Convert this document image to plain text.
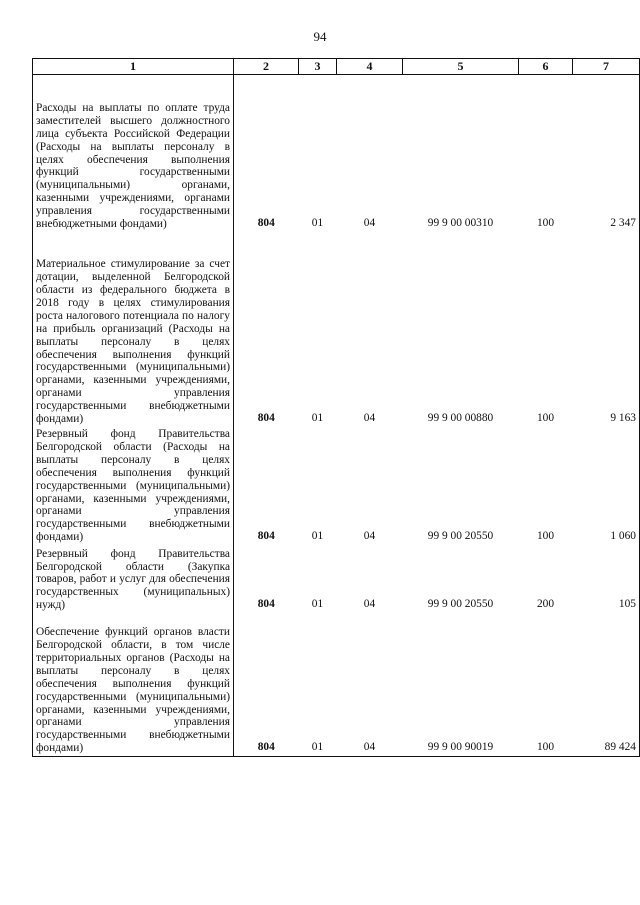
94
1	2	3	4	5	6	7
Расходы на выплаты по оплате труда заместителей высшего должностного лица субъекта Российской Федерации (Расходы на выплаты персоналу в целях обеспечения выполнения функций государственными (муниципальными) органами, казенными учреждениями, органами управления государственными внебюджетными фондами)	804	01	04	99 9 00 00310	100	2 347
Материальное стимулирование за счет дотации, выделенной Белгородской области из федерального бюджета в 2018 году в целях стимулирования роста налогового потенциала по налогу на прибыль организаций (Расходы на выплаты персоналу в целях обеспечения выполнения функций государственными (муниципальными) органами, казенными учреждениями, органами управления государственными внебюджетными фондами)	804	01	04	99 9 00 00880	100	9 163
Резервный фонд Правительства Белгородской области (Расходы на выплаты персоналу в целях обеспечения выполнения функций государственными (муниципальными) органами, казенными учреждениями, органами управления государственными внебюджетными фондами)	804	01	04	99 9 00 20550	100	1 060
Резервный фонд Правительства Белгородской области (Закупка товаров, работ и услуг для обеспечения государственных (муниципальных) нужд)	804	01	04	99 9 00 20550	200	105
Обеспечение функций органов власти Белгородской области, в том числе территориальных органов (Расходы на выплаты персоналу в целях обеспечения выполнения функций государственными (муниципальными) органами, казенными учреждениями, органами управления государственными внебюджетными фондами)	804	01	04	99 9 00 90019	100	89 424
